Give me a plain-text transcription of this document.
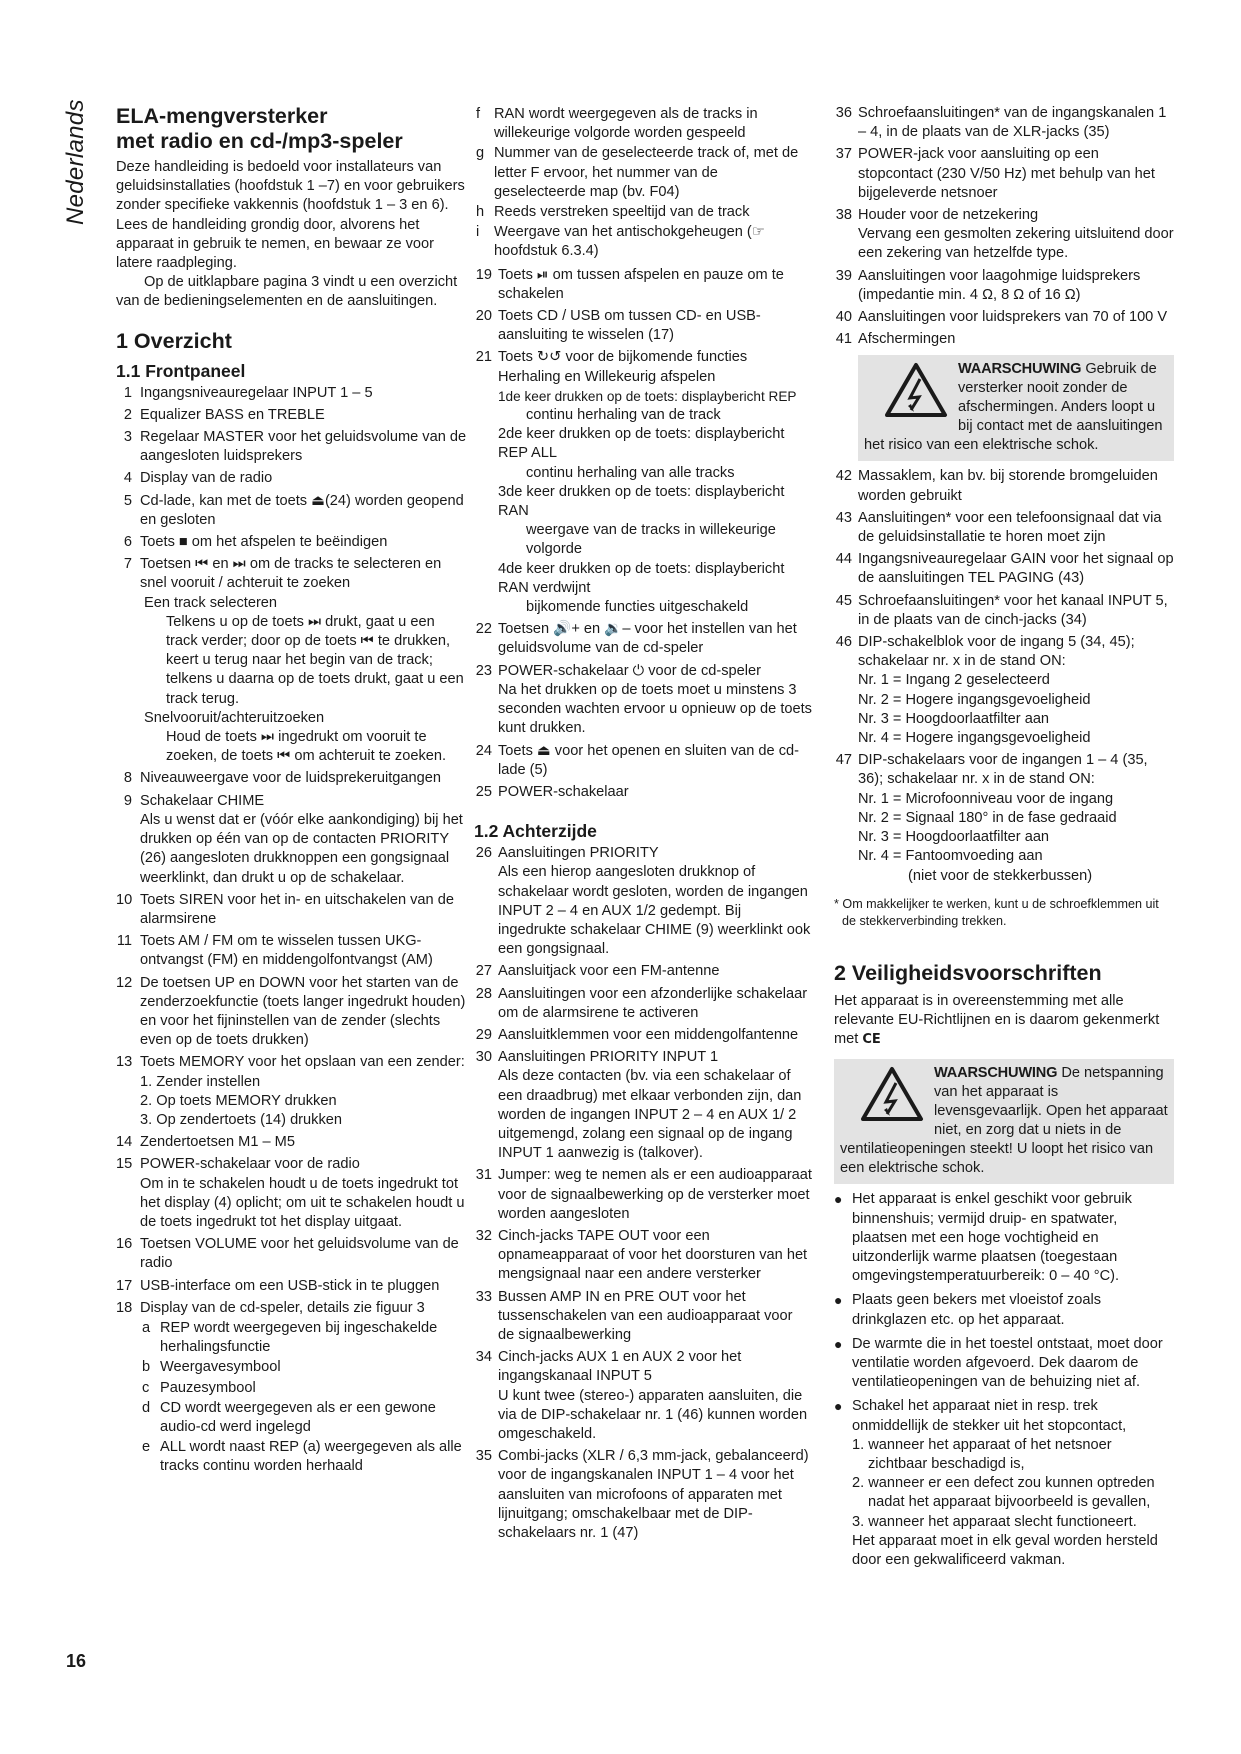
Nederlands ELA-mengversterker
met radio en cd-/mp3-speler

Deze handleiding is bedoeld voor installateurs van geluidsinstallaties (hoofdstuk 1 –7) en voor gebruikers zonder specifieke vakkennis (hoofdstuk 1 – 3 en 6). Lees de handleiding grondig door, alvorens het apparaat in gebruik te nemen, en bewaar ze voor latere raadpleging.

Op de uitklapbare pagina 3 vindt u een overzicht van de bedieningselementen en de aansluitingen.

1 Overzicht
1.1 Frontpaneel
1 Ingangsniveauregelaar INPUT 1 – 5
2 Equalizer BASS en TREBLE
3 Regelaar MASTER voor het geluidsvolume van de aangesloten luidsprekers
4 Display van de radio
5 Cd-lade, kan met de toets ⏏(24) worden geopend en gesloten
6 Toets ■ om het afspelen te beëindigen
7 Toetsen ⏮ en ⏭ om de tracks te selecteren en snel vooruit / achteruit te zoeken
Een track selecteren
Telkens u op de toets ⏭ drukt, gaat u een track verder; door op de toets ⏮ te drukken, keert u terug naar het begin van de track; telkens u daarna op de toets drukt, gaat u een track terug.
Snelvooruit/achteruitzoeken
Houd de toets ⏭ ingedrukt om vooruit te zoeken, de toets ⏮ om achteruit te zoeken.
8 Niveauweergave voor de luidsprekeruitgangen
9 Schakelaar CHIME
Als u wenst dat er (vóór elke aankondiging) bij het drukken op één van op de contacten PRIORITY (26) aangesloten drukknoppen een gongsignaal weerklinkt, dan drukt u op de schakelaar.
10 Toets SIREN voor het in- en uitschakelen van de alarmsirene
11 Toets AM / FM om te wisselen tussen UKG-ontvangst (FM) en middengolfontvangst (AM)
12 De toetsen UP en DOWN voor het starten van de zenderzoekfunctie (toets langer ingedrukt houden) en voor het fijninstellen van de zender (slechts even op de toets drukken)
13 Toets MEMORY voor het opslaan van een zender:
1. Zender instellen
2. Op toets MEMORY drukken
3. Op zendertoets (14) drukken
14 Zendertoetsen M1 – M5
15 POWER-schakelaar voor de radio
Om in te schakelen houdt u de toets ingedrukt tot het display (4) oplicht; om uit te schakelen houdt u de toets ingedrukt tot het display uitgaat.
16 Toetsen VOLUME voor het geluidsvolume van de radio
17 USB-interface om een USB-stick in te pluggen
18 Display van de cd-speler, details zie figuur 3
a REP wordt weergegeven bij ingeschakelde herhalingsfunctie
b Weergavesymbool
c Pauzesymbool
d CD wordt weergegeven als er een gewone audio-cd werd ingelegd
e ALL wordt naast REP (a) weergegeven als alle tracks continu worden herhaald
f RAN wordt weergegeven als de tracks in willekeurige volgorde worden gespeeld
g Nummer van de geselecteerde track of, met de letter F ervoor, het nummer van de geselecteerde map (bv. F04)
h Reeds verstreken speeltijd van de track
i Weergave van het antischokgeheugen (☞ hoofdstuk 6.3.4)
19 Toets ⏯ om tussen afspelen en pauze om te schakelen
20 Toets CD / USB om tussen CD- en USB-aansluiting te wisselen (17)
21 Toets ↻↺ voor de bijkomende functies Herhaling en Willekeurig afspelen
1de keer drukken op de toets: displaybericht REP
continu herhaling van de track
2de keer drukken op de toets: displaybericht REP ALL
continu herhaling van alle tracks
3de keer drukken op de toets: displaybericht RAN
weergave van de tracks in willekeurige volgorde
4de keer drukken op de toets: displaybericht RAN verdwijnt
bijkomende functies uitgeschakeld
22 Toetsen 🔊+ en 🔉– voor het instellen van het geluidsvolume van de cd-speler
23 POWER-schakelaar ⏻ voor de cd-speler
Na het drukken op de toets moet u minstens 3 seconden wachten ervoor u opnieuw op de toets kunt drukken.
24 Toets ⏏ voor het openen en sluiten van de cd-lade (5)
25 POWER-schakelaar
1.2 Achterzijde
26 Aansluitingen PRIORITY
Als een hierop aangesloten drukknop of schakelaar wordt gesloten, worden de ingangen INPUT 2 – 4 en AUX 1/2 gedempt. Bij ingedrukte schakelaar CHIME (9) weerklinkt ook een gongsignaal.
27 Aansluitjack voor een FM-antenne
28 Aansluitingen voor een afzonderlijke schakelaar om de alarmsirene te activeren
29 Aansluitklemmen voor een middengolfantenne
30 Aansluitingen PRIORITY INPUT 1
Als deze contacten (bv. via een schakelaar of een draadbrug) met elkaar verbonden zijn, dan worden de ingangen INPUT 2 – 4 en AUX 1/ 2 uitgemengd, zolang een signaal op de ingang INPUT 1 aanwezig is (talkover).
31 Jumper: weg te nemen als er een audioapparaat voor de signaalbewerking op de versterker moet worden aangesloten
32 Cinch-jacks TAPE OUT voor een opnameapparaat of voor het doorsturen van het mengsignaal naar een andere versterker
33 Bussen AMP IN en PRE OUT voor het tussenschakelen van een audioapparaat voor de signaalbewerking
34 Cinch-jacks AUX 1 en AUX 2 voor het ingangskanaal INPUT 5
U kunt twee (stereo-) apparaten aansluiten, die via de DIP-schakelaar nr. 1 (46) kunnen worden omgeschakeld.
35 Combi-jacks (XLR / 6,3 mm-jack, gebalanceerd) voor de ingangskanalen INPUT 1 – 4 voor het aansluiten van microfoons of apparaten met lijnuitgang; omschakelbaar met de DIP-schakelaars nr. 1 (47)
36 Schroefaansluitingen* van de ingangskanalen 1 – 4, in de plaats van de XLR-jacks (35)
37 POWER-jack voor aansluiting op een stopcontact (230 V/50 Hz) met behulp van het bijgeleverde netsnoer
38 Houder voor de netzekering
Vervang een gesmolten zekering uitsluitend door een zekering van hetzelfde type.
39 Aansluitingen voor laagohmige luidsprekers (impedantie min. 4 Ω, 8 Ω of 16 Ω)
40 Aansluitingen voor luidsprekers van 70 of 100 V
41 Afschermingen
WAARSCHUWING Gebruik de versterker nooit zonder de afschermingen. Anders loopt u bij contact met de aansluitingen het risico van een elektrische schok.
42 Massaklem, kan bv. bij storende bromgeluiden worden gebruikt
43 Aansluitingen* voor een telefoonsignaal dat via de geluidsinstallatie te horen moet zijn
44 Ingangsniveauregelaar GAIN voor het signaal op de aansluitingen TEL PAGING (43)
45 Schroefaansluitingen* voor het kanaal INPUT 5, in de plaats van de cinch-jacks (34)
46 DIP-schakelblok voor de ingang 5 (34, 45); schakelaar nr. x in de stand ON:
Nr. 1 = Ingang 2 geselecteerd
Nr. 2 = Hogere ingangsgevoeligheid
Nr. 3 = Hoogdoorlaatfilter aan
Nr. 4 = Hogere ingangsgevoeligheid
47 DIP-schakelaars voor de ingangen 1 – 4 (35, 36); schakelaar nr. x in de stand ON:
Nr. 1 = Microfoonniveau voor de ingang
Nr. 2 = Signaal 180° in de fase gedraaid
Nr. 3 = Hoogdoorlaatfilter aan
Nr. 4 = Fantoomvoeding aan
(niet voor de stekkerbussen)

* Om makkelijker te werken, kunt u de schroefklemmen uit de stekkerverbinding trekken.

2 Veiligheidsvoorschriften

Het apparaat is in overeenstemming met alle relevante EU-Richtlijnen en is daarom gekenmerkt met CE

WAARSCHUWING De netspanning van het apparaat is levensgevaarlijk. Open het apparaat niet, en zorg dat u niets in de ventilatieopeningen steekt! U loopt het risico van een elektrische schok.
● Het apparaat is enkel geschikt voor gebruik binnenshuis; vermijd druip- en spatwater, plaatsen met een hoge vochtigheid en uitzonderlijk warme plaatsen (toegestaan omgevingstemperatuurbereik: 0 – 40 °C).
● Plaats geen bekers met vloeistof zoals drinkglazen etc. op het apparaat.
● De warmte die in het toestel ontstaat, moet door ventilatie worden afgevoerd. Dek daarom de ventilatieopeningen van de behuizing niet af.
● Schakel het apparaat niet in resp. trek onmiddellijk de stekker uit het stopcontact,
1. wanneer het apparaat of het netsnoer zichtbaar beschadigd is,
2. wanneer er een defect zou kunnen optreden nadat het apparaat bijvoorbeeld is gevallen,
3. wanneer het apparaat slecht functioneert.
Het apparaat moet in elk geval worden hersteld door een gekwalificeerd vakman.
16
